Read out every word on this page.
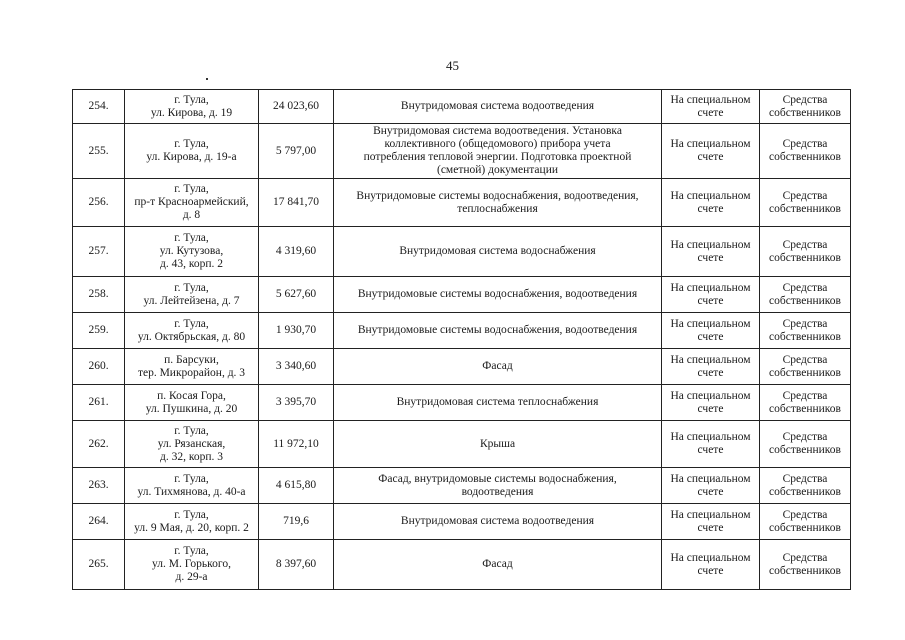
45
254.	г. Тула,
ул. Кирова, д. 19	24 023,60	Внутридомовая система водоотведения	На специальном
счете	Средства
собственников

255.	г. Тула,
ул. Кирова, д. 19-а	5 797,00	Внутридомовая система водоотведения. Установка
коллективного (общедомового) прибора учета
потребления тепловой энергии. Подготовка проектной
(сметной) документации	На специальном
счете	Средства
собственников

256.	г. Тула,
пр-т Красноармейский,
д. 8	17 841,70	Внутридомовые системы водоснабжения, водоотведения,
теплоснабжения	На специальном
счете	Средства
собственников

257.	г. Тула,
ул. Кутузова,
д. 43, корп. 2	4 319,60	Внутридомовая система водоснабжения	На специальном
счете	Средства
собственников

258.	г. Тула,
ул. Лейтейзена, д. 7	5 627,60	Внутридомовые системы водоснабжения, водоотведения	На специальном
счете	Средства
собственников

259.	г. Тула,
ул. Октябрьская, д. 80	1 930,70	Внутридомовые системы водоснабжения, водоотведения	На специальном
счете	Средства
собственников

260.	п. Барсуки,
тер. Микрорайон, д. 3	3 340,60	Фасад	На специальном
счете	Средства
собственников

261.	п. Косая Гора,
ул. Пушкина, д. 20	3 395,70	Внутридомовая система теплоснабжения	На специальном
счете	Средства
собственников

262.	г. Тула,
ул. Рязанская,
д. 32, корп. 3	11 972,10	Крыша	На специальном
счете	Средства
собственников

263.	г. Тула,
ул. Тихмянова, д. 40-а	4 615,80	Фасад, внутридомовые системы водоснабжения,
водоотведения	На специальном
счете	Средства
собственников

264.	г. Тула,
ул. 9 Мая, д. 20, корп. 2	719,6	Внутридомовая система водоотведения	На специальном
счете	Средства
собственников

265.	г. Тула,
ул. М. Горького,
д. 29-а	8 397,60	Фасад	На специальном
счете	Средства
собственников
